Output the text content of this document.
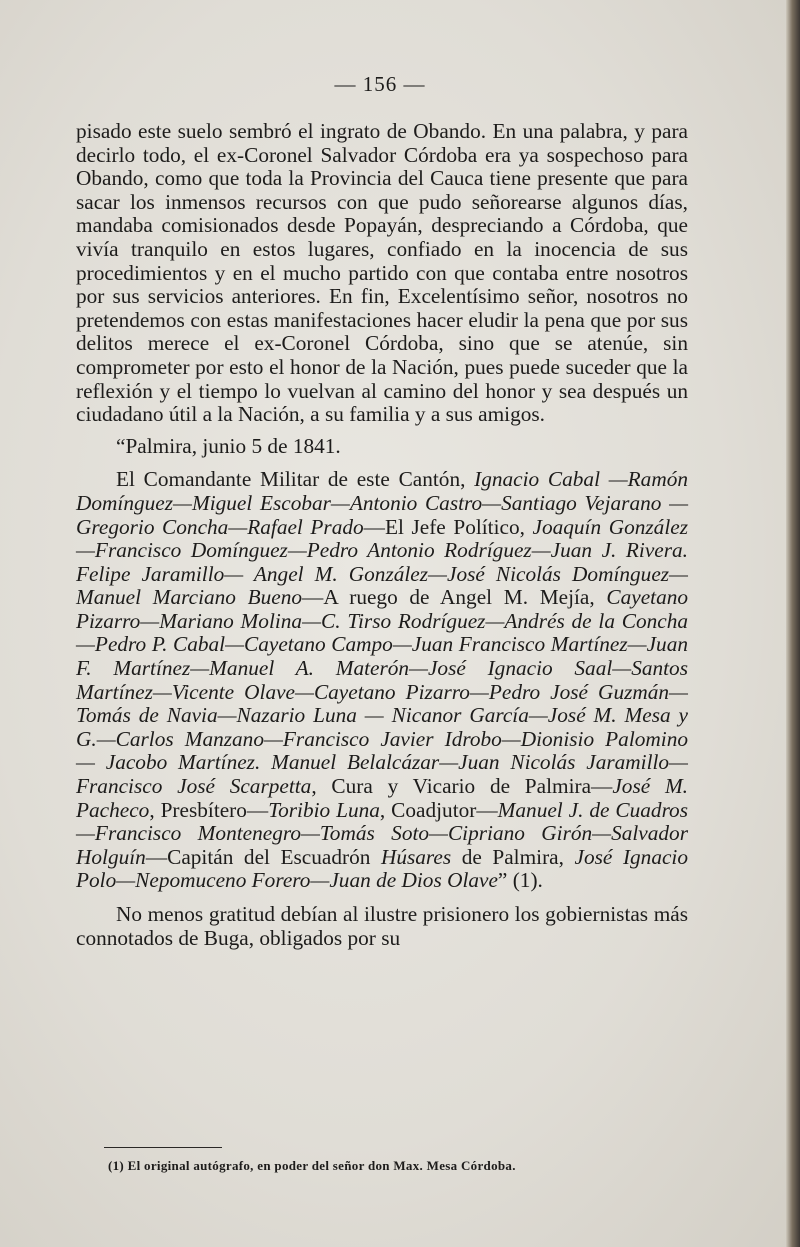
— 156 —

pisado este suelo sembró el ingrato de Obando. En una palabra, y para decirlo todo, el ex-Coronel Salvador Córdoba era ya sospechoso para Obando, como que toda la Provincia del Cauca tiene presente que para sacar los inmensos recursos con que pudo señorearse algunos días, mandaba comisionados desde Popayán, despreciando a Córdoba, que vivía tranquilo en estos lugares, confiado en la inocencia de sus procedimientos y en el mucho partido con que contaba entre nosotros por sus servicios anteriores. En fin, Excelentísimo señor, nosotros no pretendemos con estas manifestaciones hacer eludir la pena que por sus delitos merece el ex-Coronel Córdoba, sino que se atenúe, sin comprometer por esto el honor de la Nación, pues puede suceder que la reflexión y el tiempo lo vuelvan al camino del honor y sea después un ciudadano útil a la Nación, a su familia y a sus amigos.

“Palmira, junio 5 de 1841.

El Comandante Militar de este Cantón, Ignacio Cabal —Ramón Domínguez—Miguel Escobar—Antonio Castro—Santiago Vejarano —Gregorio Concha—Rafael Prado—El Jefe Político, Joaquín González—Francisco Domínguez—Pedro Antonio Rodríguez—Juan J. Rivera. Felipe Jaramillo— Angel M. González—José Nicolás Domínguez—Manuel Marciano Bueno—A ruego de Angel M. Mejía, Cayetano Pizarro—Mariano Molina—C. Tirso Rodríguez—Andrés de la Concha—Pedro P. Cabal—Cayetano Campo—Juan Francisco Martínez—Juan F. Martínez—Manuel A. Materón—José Ignacio Saal—Santos Martínez—Vicente Olave—Cayetano Pizarro—Pedro José Guzmán—Tomás de Navia—Nazario Luna — Nicanor García—José M. Mesa y G.—Carlos Manzano—Francisco Javier Idrobo—Dionisio Palomino — Jacobo Martínez. Manuel Belalcázar—Juan Nicolás Jaramillo—Francisco José Scarpetta, Cura y Vicario de Palmira—José M. Pacheco, Presbítero—Toribio Luna, Coadjutor—Manuel J. de Cuadros—Francisco Montenegro—Tomás Soto—Cipriano Girón—Salvador Holguín—Capitán del Escuadrón Húsares de Palmira, José Ignacio Polo—Nepomuceno Forero—Juan de Dios Olave” (1).

No menos gratitud debían al ilustre prisionero los gobiernistas más connotados de Buga, obligados por su

(1) El original autógrafo, en poder del señor don Max. Mesa Córdoba.
